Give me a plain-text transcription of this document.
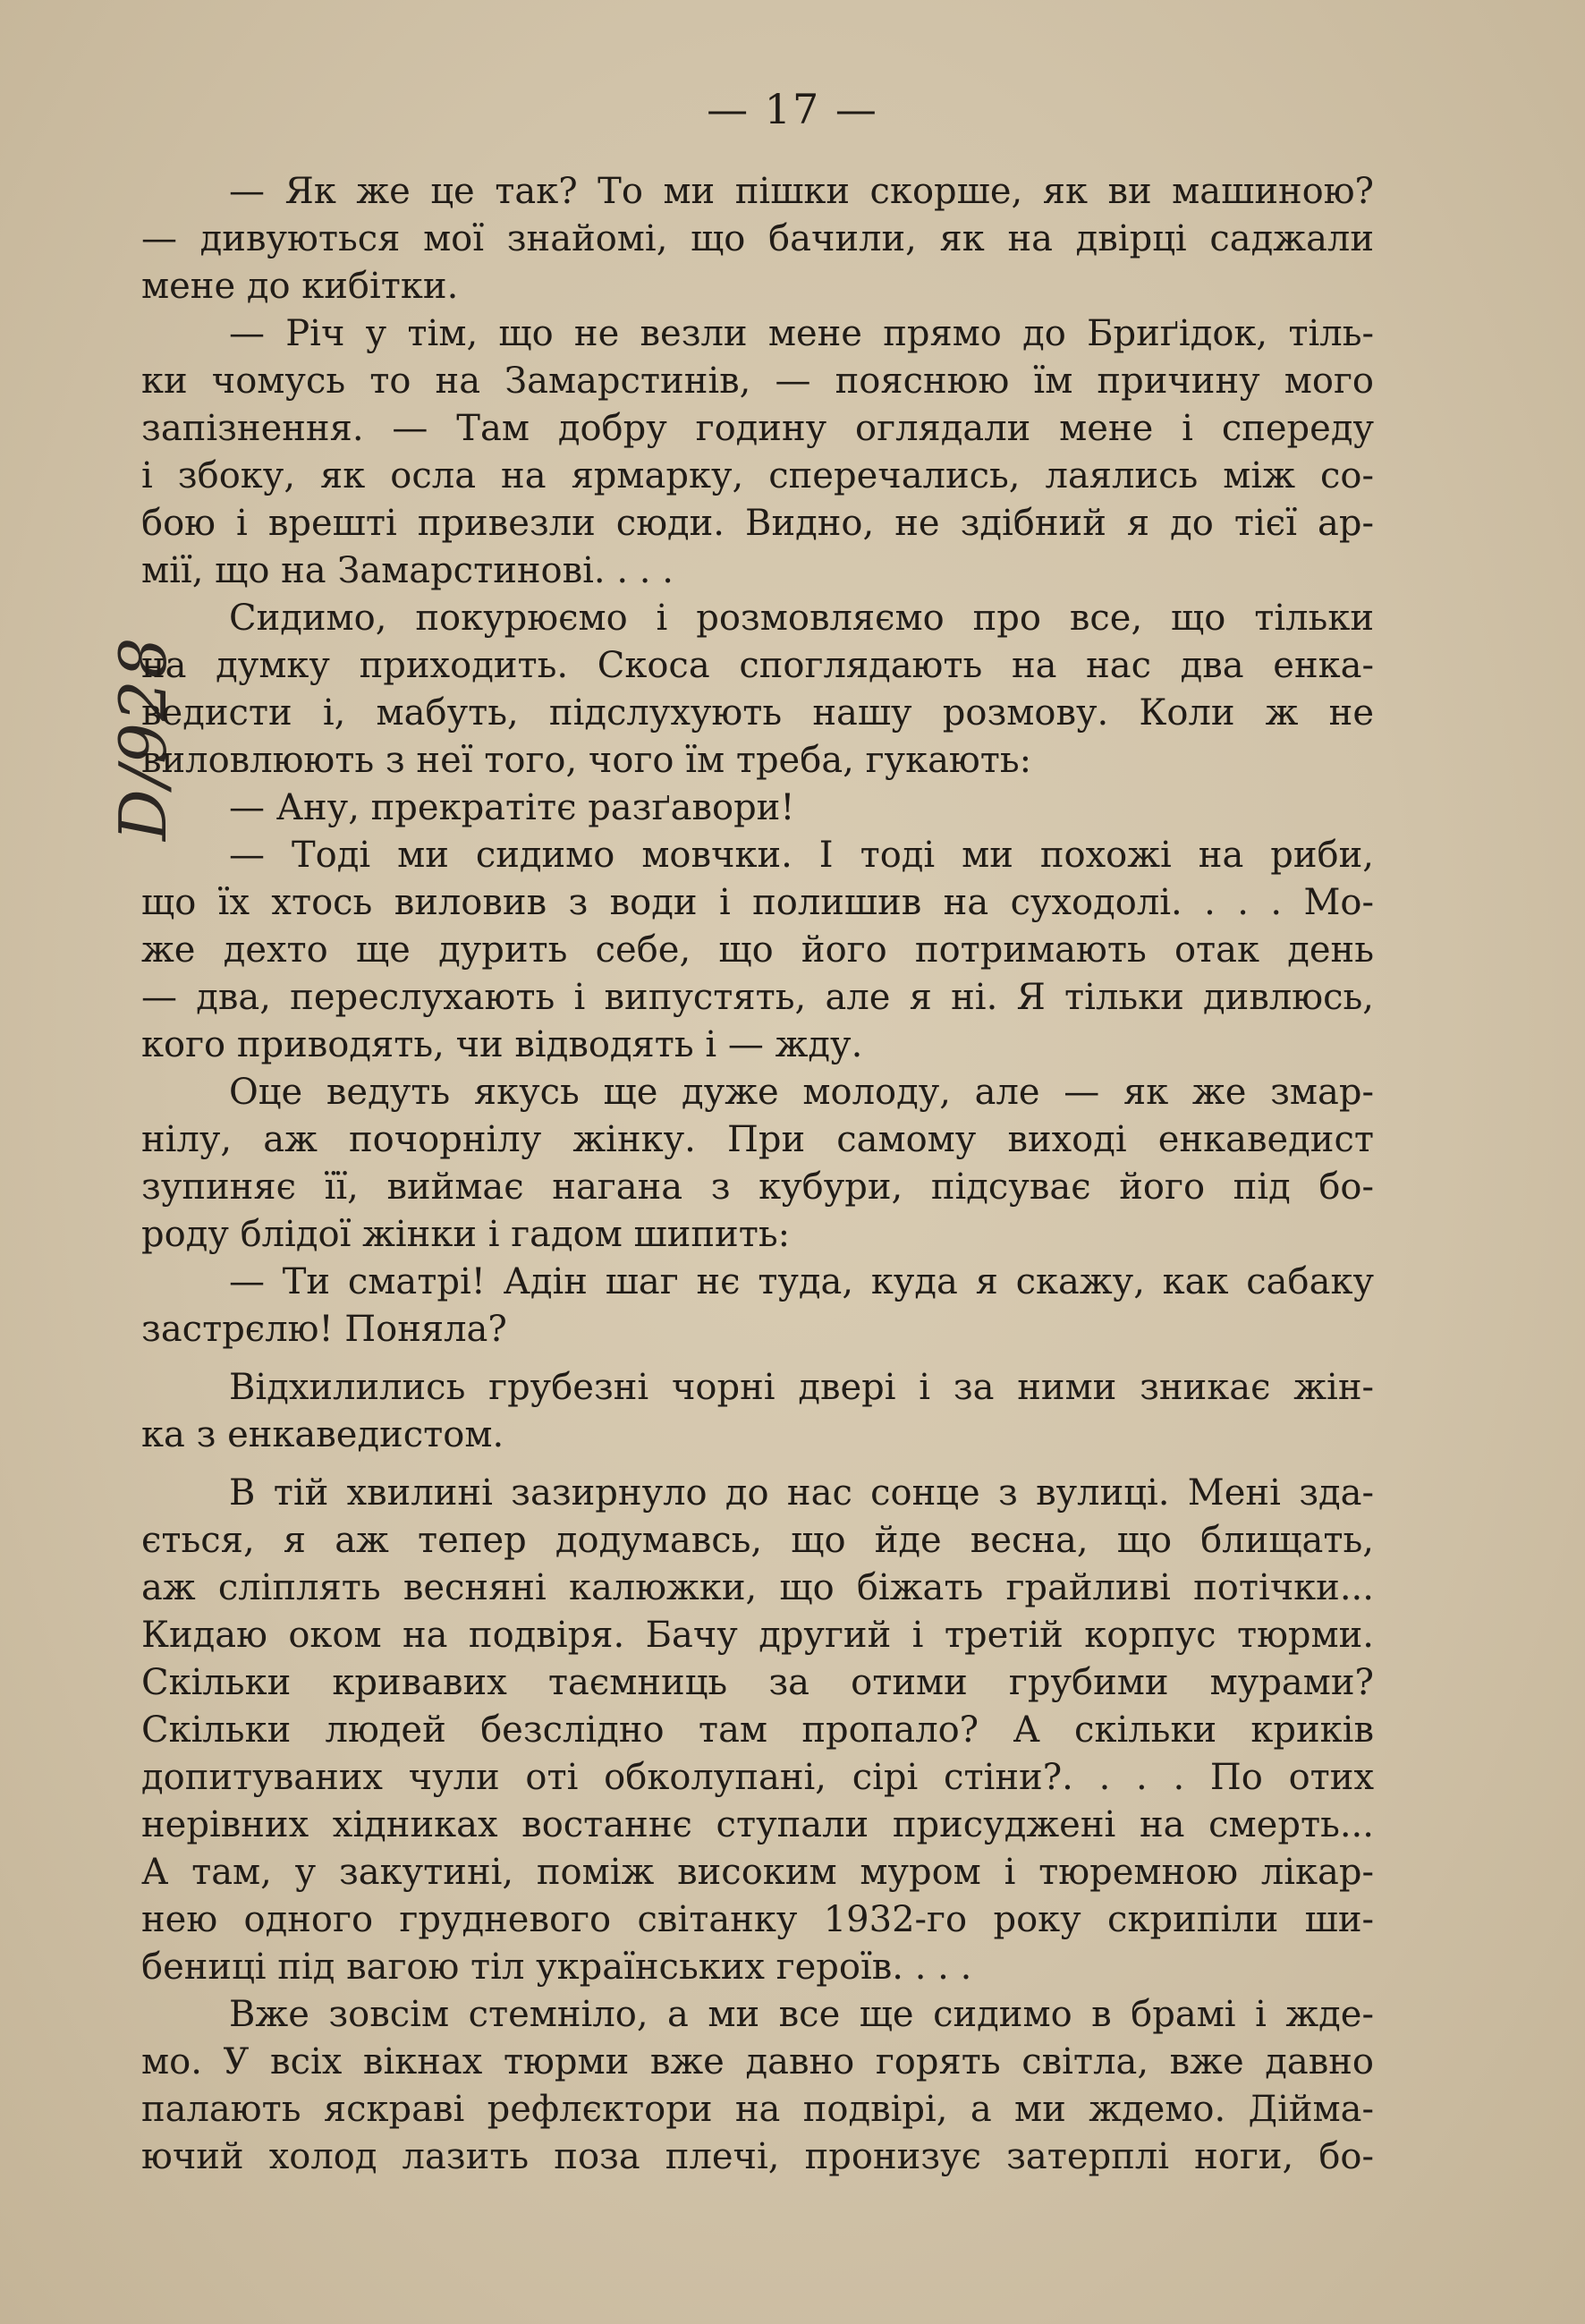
— 17 —
D/928
— Як же це так? То ми пішки скорше, як ви машиною?
— дивуються мої знайомі, що бачили, як на двірці саджали
мене до кибітки.
— Річ у тім, що не везли мене прямо до Бриґідок, тіль-
ки чомусь то на Замарстинів, — пояснюю їм причину мого
запізнення. — Там добру годину оглядали мене і спереду
і збоку, як осла на ярмарку, сперечались, лаялись між со-
бою і врешті привезли сюди. Видно, не здібний я до тієї ар-
мії, що на Замарстинові. . . .
Сидимо, покурюємо і розмовляємо про все, що тільки
на думку приходить. Скоса споглядають на нас два енка-
ведисти і, мабуть, підслухують нашу розмову. Коли ж не
виловлюють з неї того, чого їм треба, гукають:
— Ану, прекратітє разґавори!
— Тоді ми сидимо мовчки. І тоді ми похожі на риби,
що їх хтось виловив з води і полишив на суходолі. . . . Мо-
же дехто ще дурить себе, що його потримають отак день
— два, переслухають і випустять, але я ні. Я тільки дивлюсь,
кого приводять, чи відводять і — жду.
Оце ведуть якусь ще дуже молоду, але — як же змар-
нілу, аж почорнілу жінку. При самому виході енкаведист
зупиняє її, виймає нагана з кубури, підсуває його під бо-
роду блідої жінки і гадом шипить:
— Ти сматрі! Адін шаг нє туда, куда я скажу, как сабаку
застрєлю! Поняла?
Відхилились грубезні чорні двері і за ними зникає жін-
ка з енкаведистом.
В тій хвилині зазирнуло до нас сонце з вулиці. Мені зда-
ється, я аж тепер додумавсь, що йде весна, що блищать,
аж сліплять весняні калюжки, що біжать грайливі потічки...
Кидаю оком на подвіря. Бачу другий і третій корпус тюрми.
Скільки кривавих таємниць за отими грубими мурами?
Скільки людей безслідно там пропало? А скільки криків
допитуваних чули оті обколупані, сірі стіни?. . . . По отих
нерівних хідниках востаннє ступали присуджені на смерть...
А там, у закутині, поміж високим муром і тюремною лікар-
нею одного грудневого світанку 1932-го року скрипіли ши-
бениці під вагою тіл українських героїв. . . .
Вже зовсім стемніло, а ми все ще сидимо в брамі і жде-
мо. У всіх вікнах тюрми вже давно горять світла, вже давно
палають яскраві рефлєктори на подвірі, а ми ждемо. Дійма-
ючий холод лазить поза плечі, пронизує затерплі ноги, бо-
